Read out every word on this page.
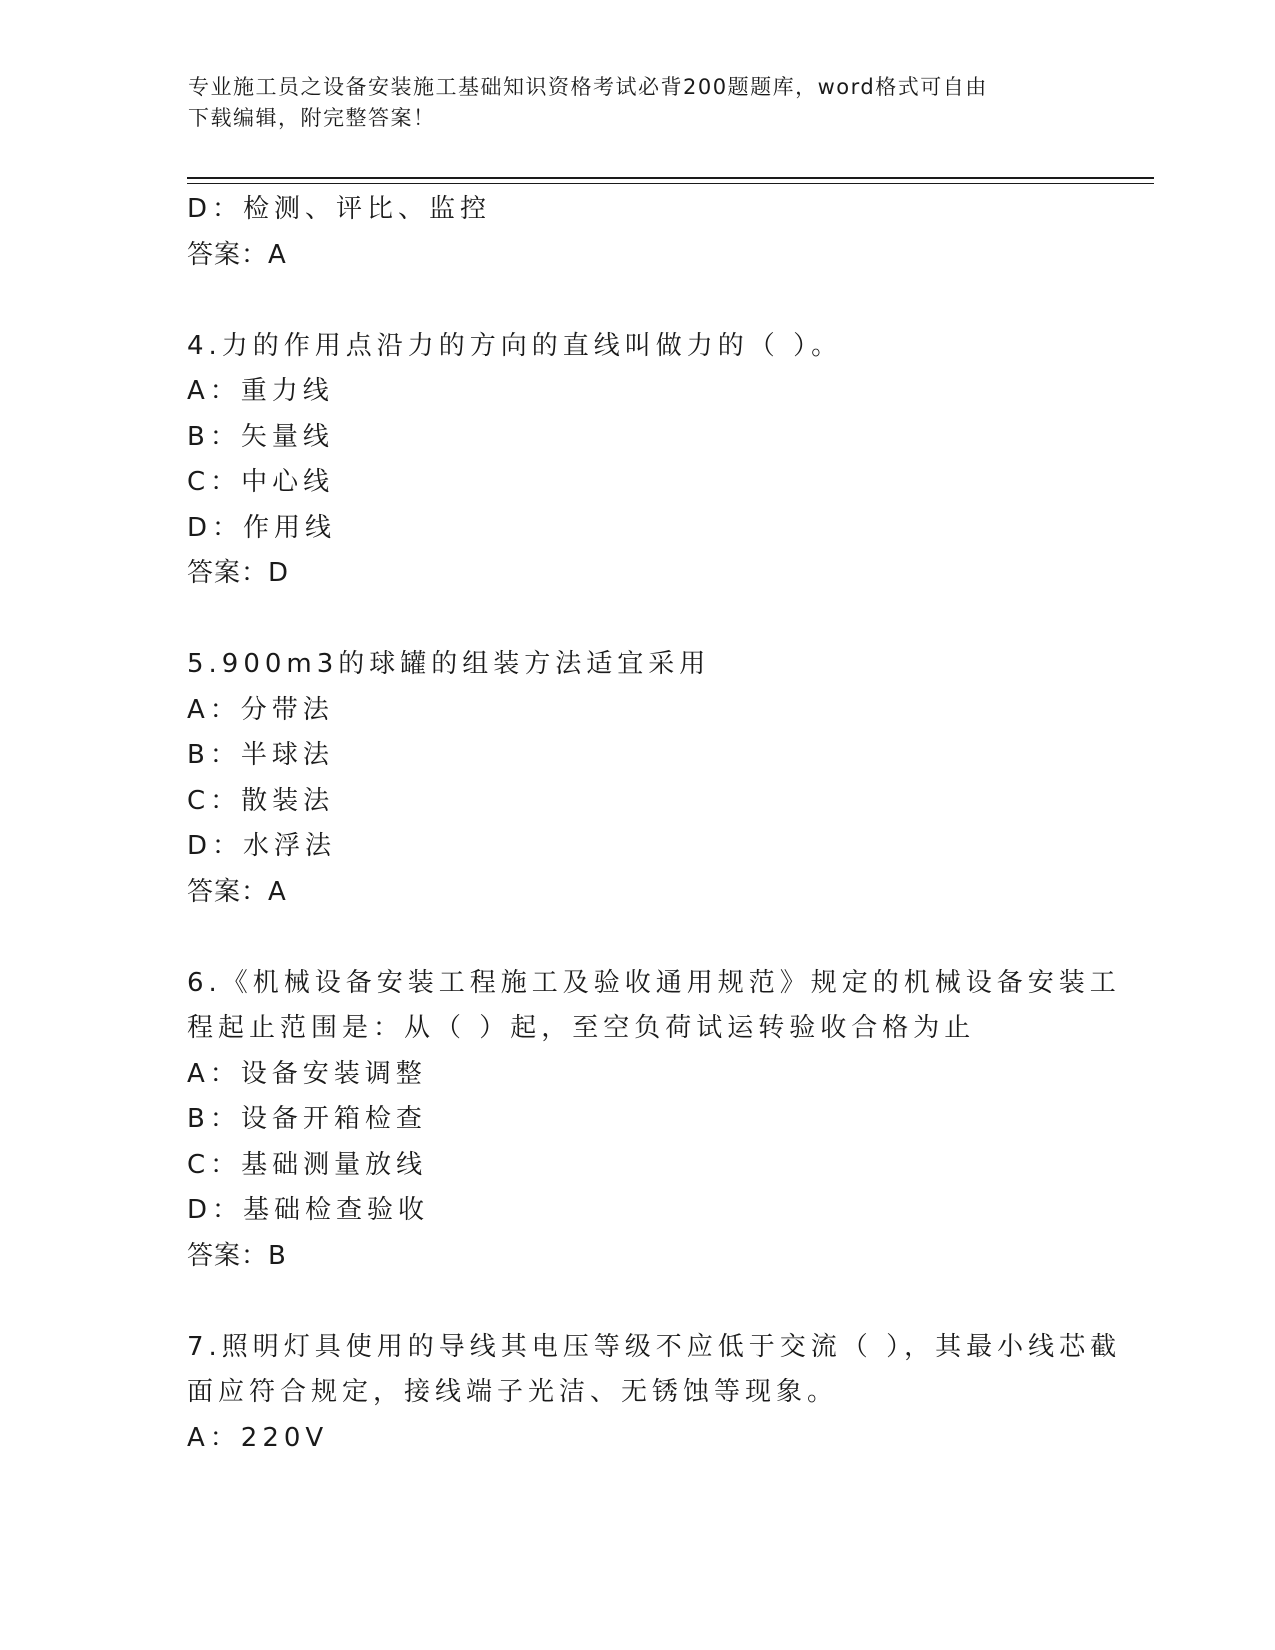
专业施工员之设备安装施工基础知识资格考试必背200题题库，word格式可自由
下载编辑，附完整答案！
D：检测、评比、监控
答案：A
4.力的作用点沿力的方向的直线叫做力的（ ）。
A：重力线
B：矢量线
C：中心线
D：作用线
答案：D
5.900m3的球罐的组装方法适宜采用
A：分带法
B：半球法
C：散装法
D：水浮法
答案：A
6.《机械设备安装工程施工及验收通用规范》规定的机械设备安装工
程起止范围是：从（ ）起，至空负荷试运转验收合格为止
A：设备安装调整
B：设备开箱检查
C：基础测量放线
D：基础检查验收
答案：B
7.照明灯具使用的导线其电压等级不应低于交流（ ），其最小线芯截
面应符合规定，接线端子光洁、无锈蚀等现象。
A：220V
